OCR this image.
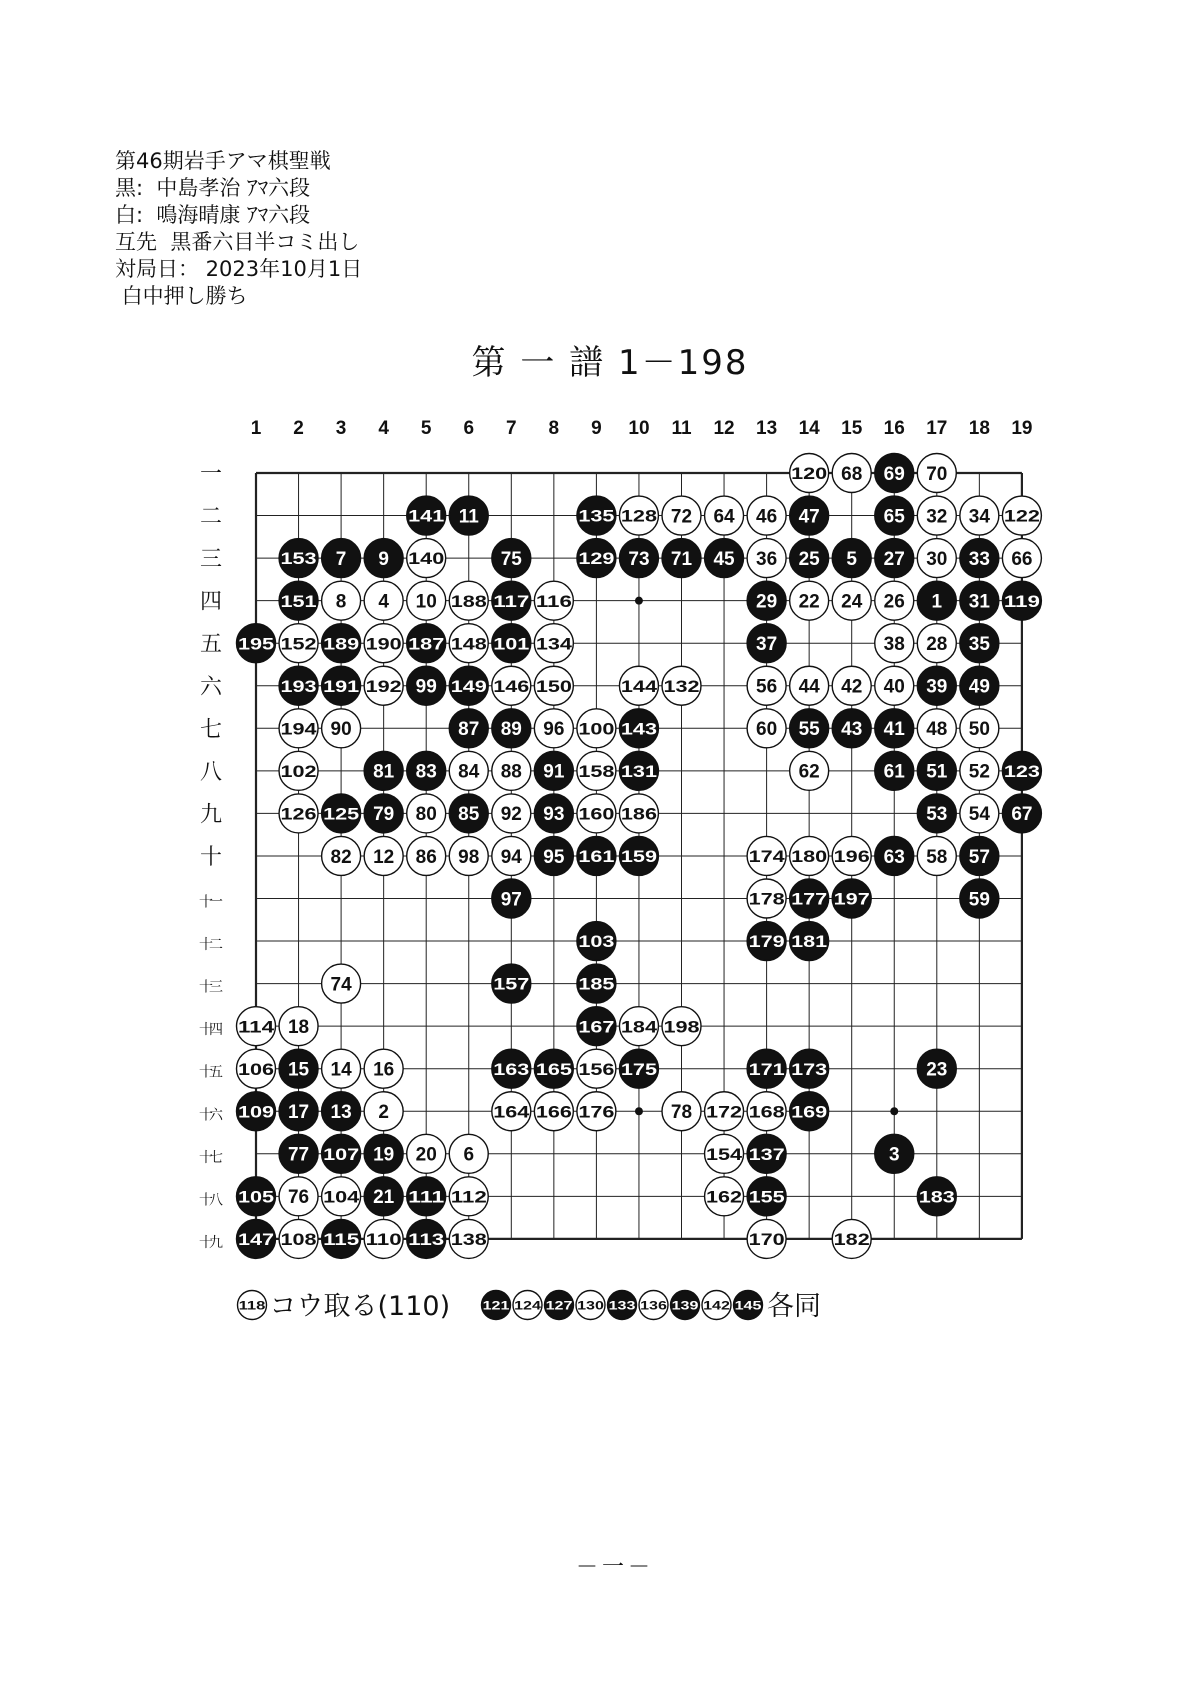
第46期岩手アマ棋聖戦
黒:  中島孝治 ｱﾏ六段
白:  鳴海晴康 ｱﾏ六段
互先  黒番六目半コミ出し
対局日： 2023年10月1日
白中押し勝ち
第 一 譜 1－198
1 2 3 4 5 6 7 8 9 10 11 12 13 14 15 16 17 18 19
一
二
三
四
五
六
七
八
九
十
十一
十二
十三
十四
十五
十六
十七
十八
十九
120 68 69 70
141 11	135 128 72 64 46 47	65 32 34 122
153 7 9 140	75	129 73 71 45 36 25 5 27 30 33 66
151 8 4 10 188 117 116	29 22 24 26 1 31 119
195 152 189 190 187 148 101 134	37	38 28 35
193 191 192 99 149 146 150	144 132	56 44 42 40 39 49
194 90	87 89 96 100 143	60 55 43 41 48 50
102	81 83 84 88 91 158 131	62	61 51 52 123
126 125 79 80 85 92 93 160 186	53 54 67
82 12 86 98 94 95 161 159	174 180 196 63 58 57
97	178 177 197	59
103	179 181
74	157	185
114 18	167 184 198
106 15 14 16	163 165 156 175	171 173	23
109 17 13 2	164 166 176	78 172 168 169
77 107 19 20 6	154 137	3
105 76 104 21 111 112	162 155	183
147 108 115 110 113 138	170	182
118 コウ取る(110)	121 124 127 130 133 136 139 142 145 各同
－一－
